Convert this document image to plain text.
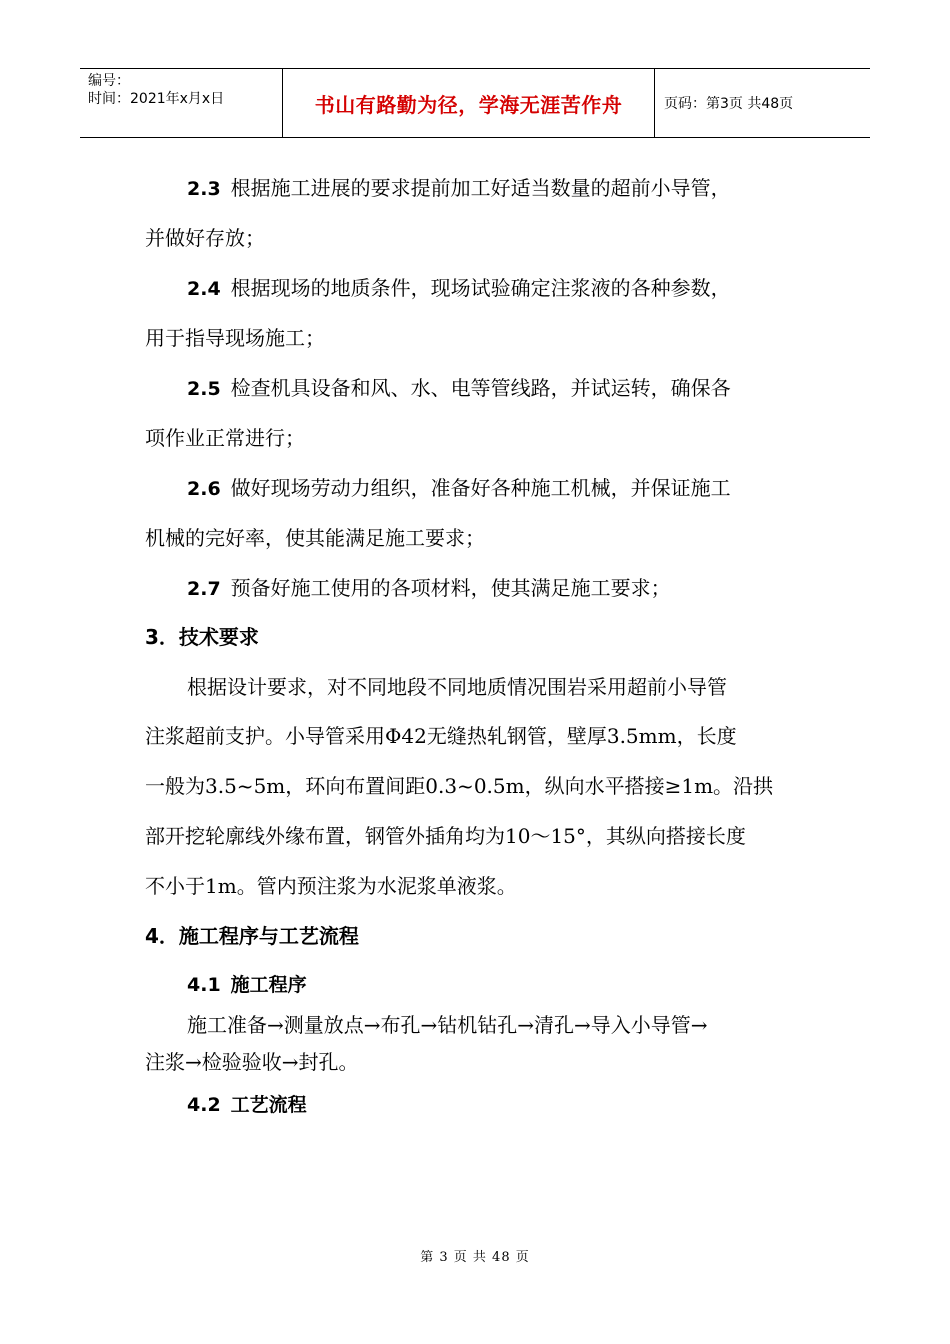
编号：
时间：2021年x月x日	书山有路勤为径，学海无涯苦作舟	页码：第3页 共48页
2.3 根据施工进展的要求提前加工好适当数量的超前小导管，
并做好存放；
2.4 根据现场的地质条件，现场试验确定注浆液的各种参数，
用于指导现场施工；
2.5 检查机具设备和风、水、电等管线路，并试运转，确保各
项作业正常进行；
2.6 做好现场劳动力组织，准备好各种施工机械，并保证施工
机械的完好率，使其能满足施工要求；
2.7 预备好施工使用的各项材料，使其满足施工要求；
3．技术要求
根据设计要求，对不同地段不同地质情况围岩采用超前小导管
注浆超前支护。小导管采用Φ42无缝热轧钢管，壁厚3.5mm，长度
一般为3.5~5m，环向布置间距0.3~0.5m，纵向水平搭接≥1m。沿拱
部开挖轮廓线外缘布置，钢管外插角均为10～15°，其纵向搭接长度
不小于1m。管内预注浆为水泥浆单液浆。
4．施工程序与工艺流程
4.1 施工程序
施工准备→测量放点→布孔→钻机钻孔→清孔→导入小导管→
注浆→检验验收→封孔。
4.2 工艺流程
第 3 页 共 48 页
